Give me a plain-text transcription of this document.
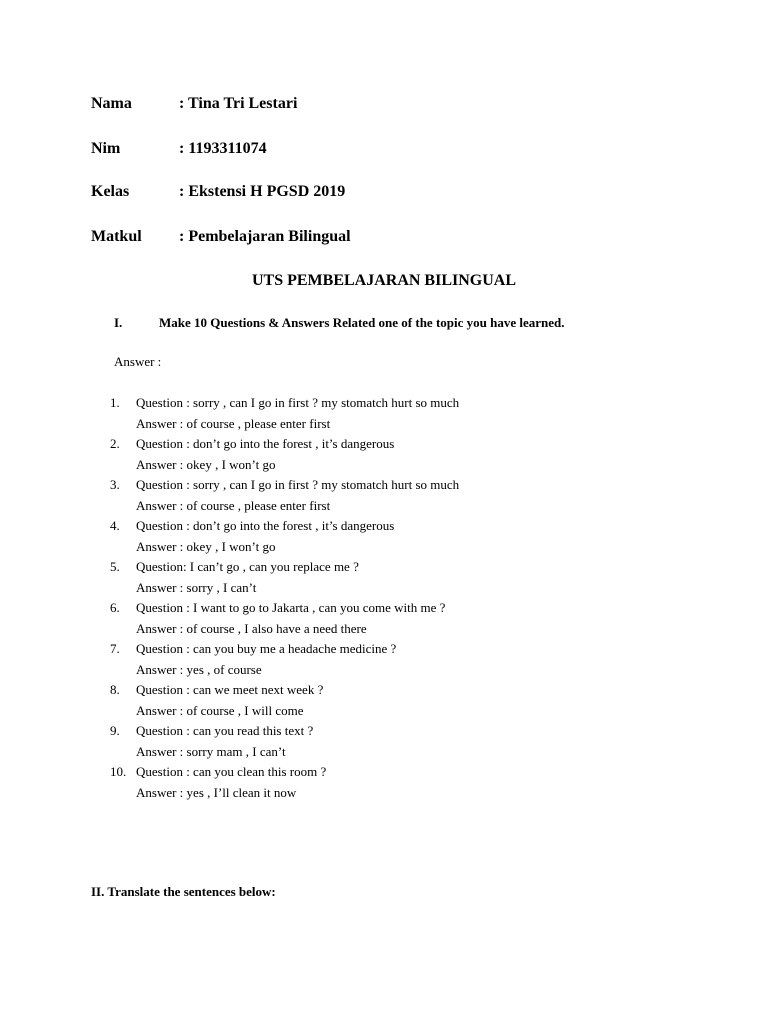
Nama	: Tina Tri Lestari
Nim	: 1193311074
Kelas	: Ekstensi H PGSD 2019
Matkul : Pembelajaran Bilingual
UTS PEMBELAJARAN BILINGUAL
I.	Make 10 Questions & Answers Related one of the topic you have learned.
Answer :
1.	Question : sorry , can I go in first ? my stomatch hurt so much
Answer : of course , please enter first
2.	Question : don’t go into the forest , it’s dangerous
Answer : okey , I won’t go
3.	Question : sorry , can I go in first ? my stomatch hurt so much
Answer : of course , please enter first
4.	Question : don’t go into the forest , it’s dangerous
Answer : okey , I won’t go
5.	Question: I can’t go , can you replace me ?
Answer : sorry , I can’t
6.	Question : I want to go to Jakarta , can you come with me ?
Answer : of course , I also have a need there
7.	Question : can you buy me a headache medicine ?
Answer : yes , of course
8.	Question : can we meet next week ?
Answer : of course , I will come
9.	Question : can you read this text ?
Answer : sorry mam , I can’t
10. Question : can you clean this room ?
Answer : yes , I’ll clean it now
II. Translate the sentences below:
